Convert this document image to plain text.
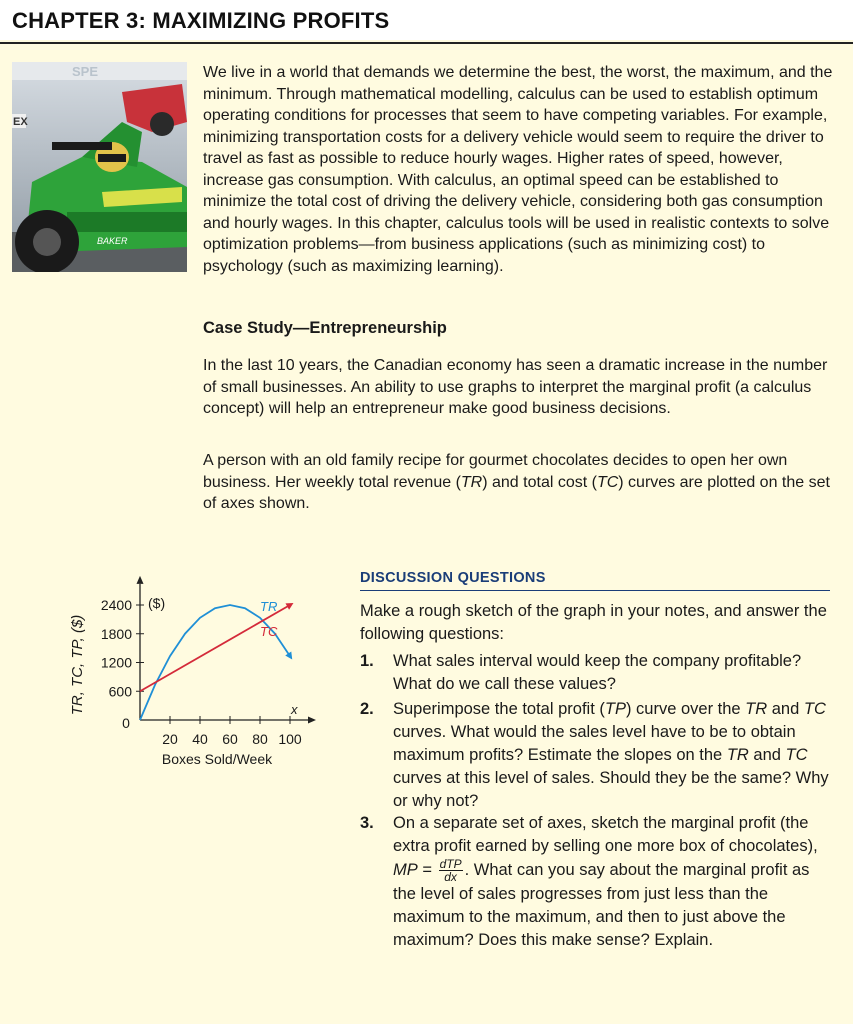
CHAPTER 3: MAXIMIZING PROFITS
SPE
EX
BAKER
We live in a world that demands we determine the best, the worst, the maximum, and the minimum. Through mathematical modelling, calculus can be used to establish optimum operating conditions for processes that seem to have competing variables. For example, minimizing transportation costs for a delivery vehicle would seem to require the driver to travel as fast as possible to reduce hourly wages. Higher rates of speed, however, increase gas consumption. With calculus, an optimal speed can be established to minimize the total cost of driving the delivery vehicle, considering both gas consumption and hourly wages. In this chapter, calculus tools will be used in realistic contexts to solve optimization problems—from business applications (such as minimizing cost) to psychology (such as maximizing learning).
Case Study—Entrepreneurship
In the last 10 years, the Canadian economy has seen a dramatic increase in the number of small businesses. An ability to use graphs to interpret the marginal profit (a calculus concept) will help an entrepreneur make good business decisions.
A person with an old family recipe for gourmet chocolates decides to open her own business. Her weekly total revenue (TR) and total cost (TC) curves are plotted on the set of axes shown.
600
1200
1800
2400
20 40 60 80 100
0
($)
x
Boxes Sold/Week
TR, TC, TP, ($)
TR
TC
DISCUSSION QUESTIONS
Make a rough sketch of the graph in your notes, and answer the following questions:
1.	What sales interval would keep the company profitable? What do we call these values?
2.	Superimpose the total profit (TP) curve over the TR and TC curves. What would the sales level have to be to obtain maximum profits? Estimate the slopes on the TR and TC curves at this level of sales. Should they be the same? Why or why not?
3.	On a separate set of axes, sketch the marginal profit (the extra profit earned by selling one more box of chocolates), MP = $\frac{\text{dTP}}{dx}$ . What can you say about the marginal profit as the level of sales progresses from just less than the maximum to the maximum, and then to just above the maximum? Does this make sense? Explain.
